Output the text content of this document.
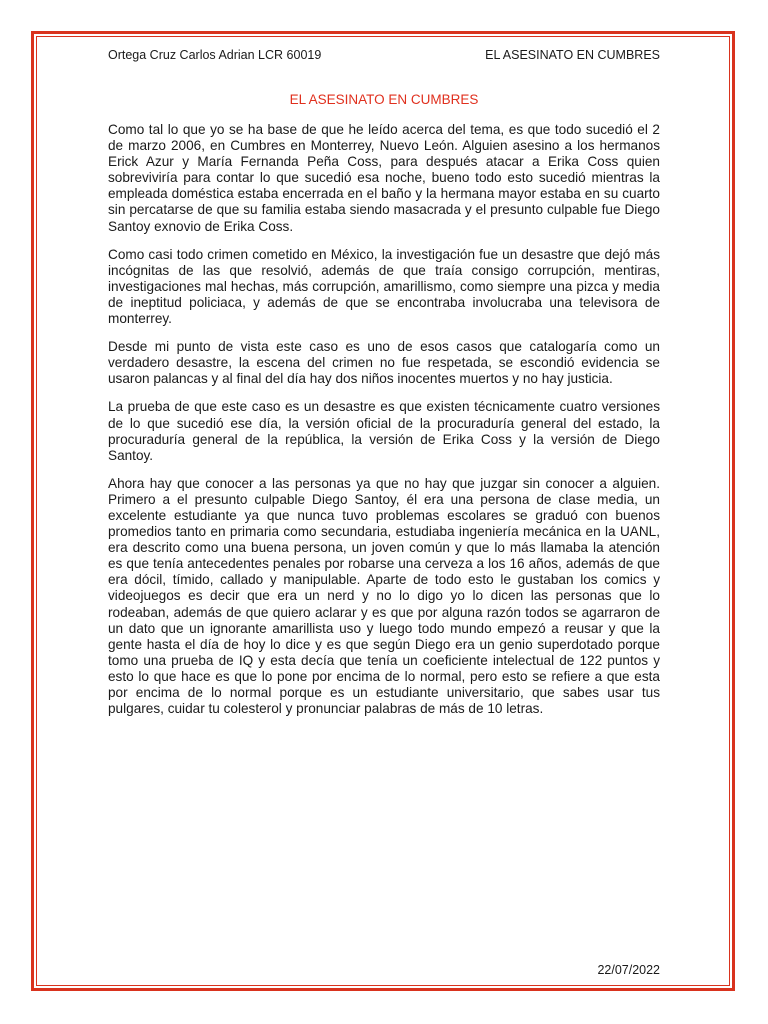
Ortega Cruz Carlos Adrian LCR 60019	EL ASESINATO EN CUMBRES
EL ASESINATO EN CUMBRES

Como tal lo que yo se ha base de que he leído acerca del tema, es que todo sucedió el 2 de marzo 2006, en Cumbres en Monterrey, Nuevo León. Alguien asesino a los hermanos Erick Azur y María Fernanda Peña Coss, para después atacar a Erika Coss quien sobreviviría para contar lo que sucedió esa noche, bueno todo esto sucedió mientras la empleada doméstica estaba encerrada en el baño y la hermana mayor estaba en su cuarto sin percatarse de que su familia estaba siendo masacrada y el presunto culpable fue Diego Santoy exnovio de Erika Coss.

Como casi todo crimen cometido en México, la investigación fue un desastre que dejó más incógnitas de las que resolvió, además de que traía consigo corrupción, mentiras, investigaciones mal hechas, más corrupción, amarillismo, como siempre una pizca y media de ineptitud policiaca, y además de que se encontraba involucraba una televisora de monterrey.

Desde mi punto de vista este caso es uno de esos casos que catalogaría como un verdadero desastre, la escena del crimen no fue respetada, se escondió evidencia se usaron palancas y al final del día hay dos niños inocentes muertos y no hay justicia.

La prueba de que este caso es un desastre es que existen técnicamente cuatro versiones de lo que sucedió ese día, la versión oficial de la procuraduría general del estado, la procuraduría general de la república, la versión de Erika Coss y la versión de Diego Santoy.

Ahora hay que conocer a las personas ya que no hay que juzgar sin conocer a alguien. Primero a el presunto culpable Diego Santoy, él era una persona de clase media, un excelente estudiante ya que nunca tuvo problemas escolares se graduó con buenos promedios tanto en primaria como secundaria, estudiaba ingeniería mecánica en la UANL, era descrito como una buena persona, un joven común y que lo más llamaba la atención es que tenía antecedentes penales por robarse una cerveza a los 16 años, además de que era dócil, tímido, callado y manipulable. Aparte de todo esto le gustaban los comics y videojuegos es decir que era un nerd y no lo digo yo lo dicen las personas que lo rodeaban, además de que quiero aclarar y es que por alguna razón todos se agarraron de un dato que un ignorante amarillista uso y luego todo mundo empezó a reusar y que la gente hasta el día de hoy lo dice y es que según Diego era un genio superdotado porque tomo una prueba de IQ y esta decía que tenía un coeficiente intelectual de 122 puntos y esto lo que hace es que lo pone por encima de lo normal, pero esto se refiere a que esta por encima de lo normal porque es un estudiante universitario, que sabes usar tus pulgares, cuidar tu colesterol y pronunciar palabras de más de 10 letras.

22/07/2022
